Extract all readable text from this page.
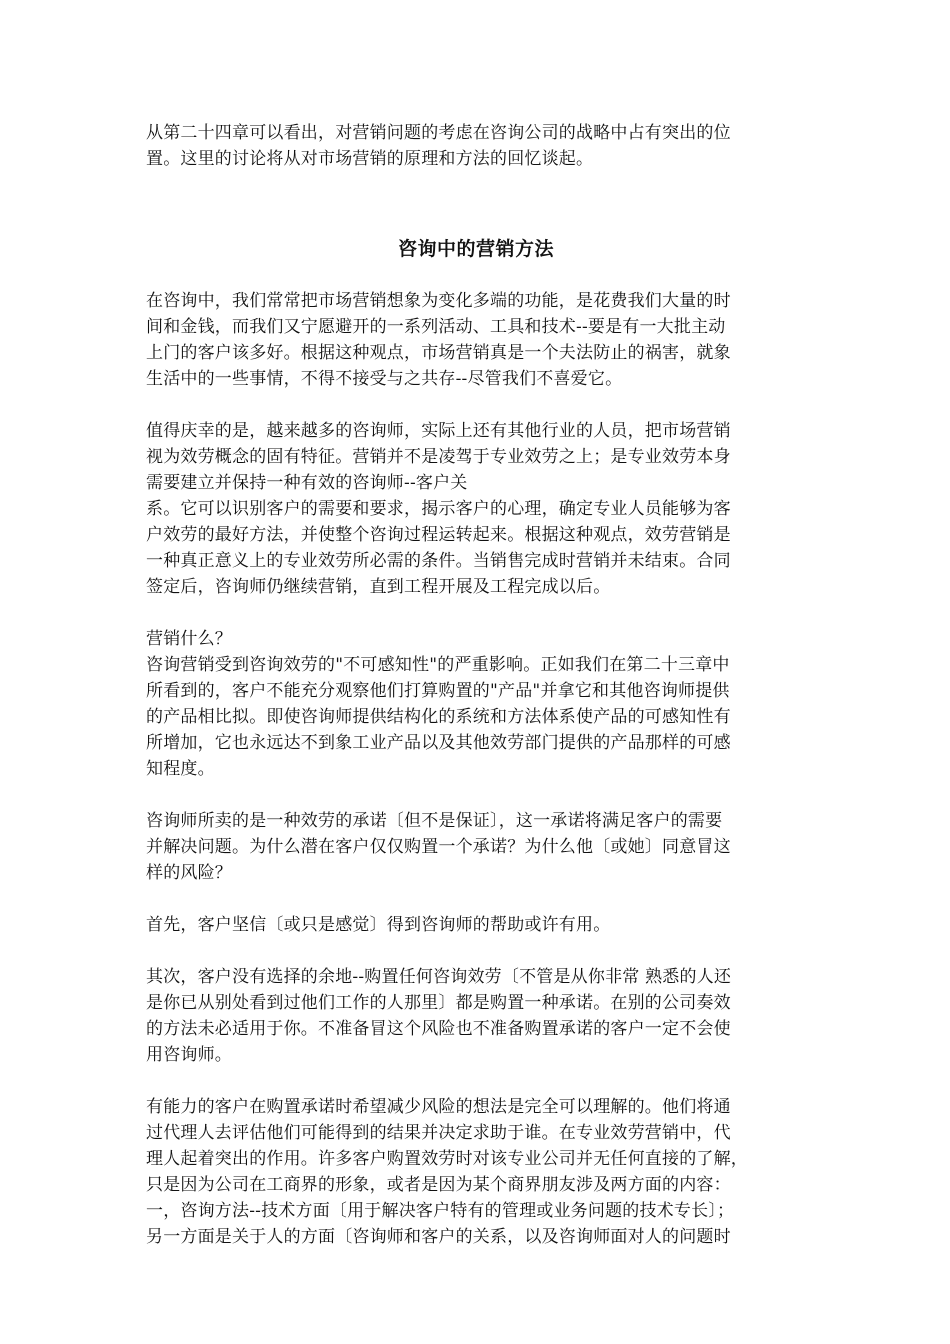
从第二十四章可以看出，对营销问题的考虑在咨询公司的战略中占有突出的位
置。这里的讨论将从对市场营销的原理和方法的回忆谈起。

咨询中的营销方法

在咨询中，我们常常把市场营销想象为变化多端的功能，是花费我们大量的时
间和金钱，而我们又宁愿避开的一系列活动、工具和技术--要是有一大批主动
上门的客户该多好。根据这种观点，市场营销真是一个夫法防止的祸害，就象
生活中的一些事情，不得不接受与之共存--尽管我们不喜爱它。

值得庆幸的是，越来越多的咨询师，实际上还有其他行业的人员，把市场营销
视为效劳概念的固有特征。营销并不是凌驾于专业效劳之上；是专业效劳本身
需要建立并保持一种有效的咨询师--客户关
系。它可以识别客户的需要和要求，揭示客户的心理，确定专业人员能够为客
户效劳的最好方法，并使整个咨询过程运转起来。根据这种观点，效劳营销是
一种真正意义上的专业效劳所必需的条件。当销售完成时营销并未结束。合同
签定后，咨询师仍继续营销，直到工程开展及工程完成以后。

营销什么？
咨询营销受到咨询效劳的"不可感知性"的严重影响。正如我们在第二十三章中
所看到的，客户不能充分观察他们打算购置的"产品"并拿它和其他咨询师提供
的产品相比拟。即使咨询师提供结构化的系统和方法体系使产品的可感知性有
所增加，它也永远达不到象工业产品以及其他效劳部门提供的产品那样的可感
知程度。

咨询师所卖的是一种效劳的承诺〔但不是保证〕，这一承诺将满足客户的需要
并解决问题。为什么潜在客户仅仅购置一个承诺？为什么他〔或她〕同意冒这
样的风险？

首先，客户坚信〔或只是感觉〕得到咨询师的帮助或许有用。

其次，客户没有选择的余地--购置任何咨询效劳〔不管是从你非常 熟悉的人还
是你已从别处看到过他们工作的人那里〕都是购置一种承诺。在别的公司奏效
的方法未必适用于你。不准备冒这个风险也不准备购置承诺的客户一定不会使
用咨询师。

有能力的客户在购置承诺时希望减少风险的想法是完全可以理解的。他们将通
过代理人去评估他们可能得到的结果并决定求助于谁。在专业效劳营销中，代
理人起着突出的作用。许多客户购置效劳时对该专业公司并无任何直接的了解，
只是因为公司在工商界的形象，或者是因为某个商界朋友涉及两方面的内容：
一，咨询方法--技术方面〔用于解决客户特有的管理或业务问题的技术专长〕；
另一方面是关于人的方面〔咨询师和客户的关系，以及咨询师面对人的问题时
